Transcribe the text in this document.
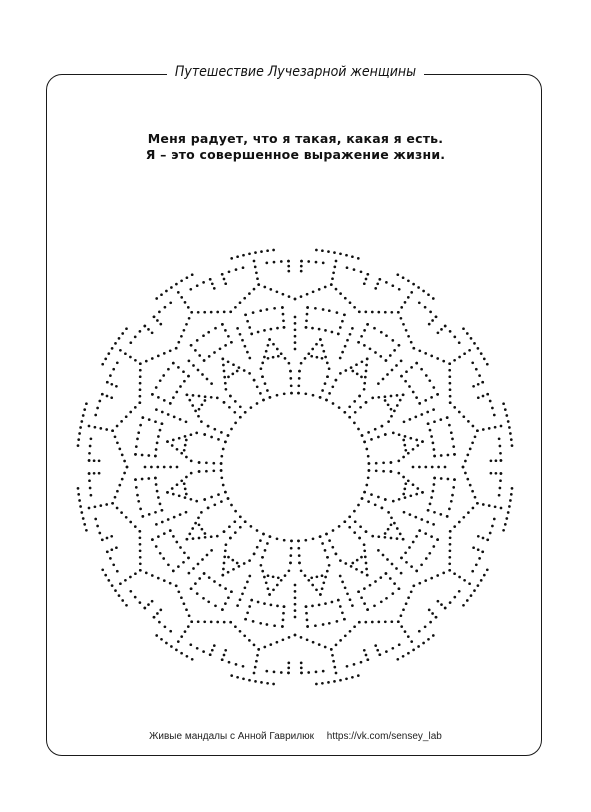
Путешествие Лучезарной женщины
Меня радует, что я такая, какая я есть.
Я – это совершенное выражение жизни.
Живые мандалы с Анной Гаврилюк https://vk.com/sensey_lab
